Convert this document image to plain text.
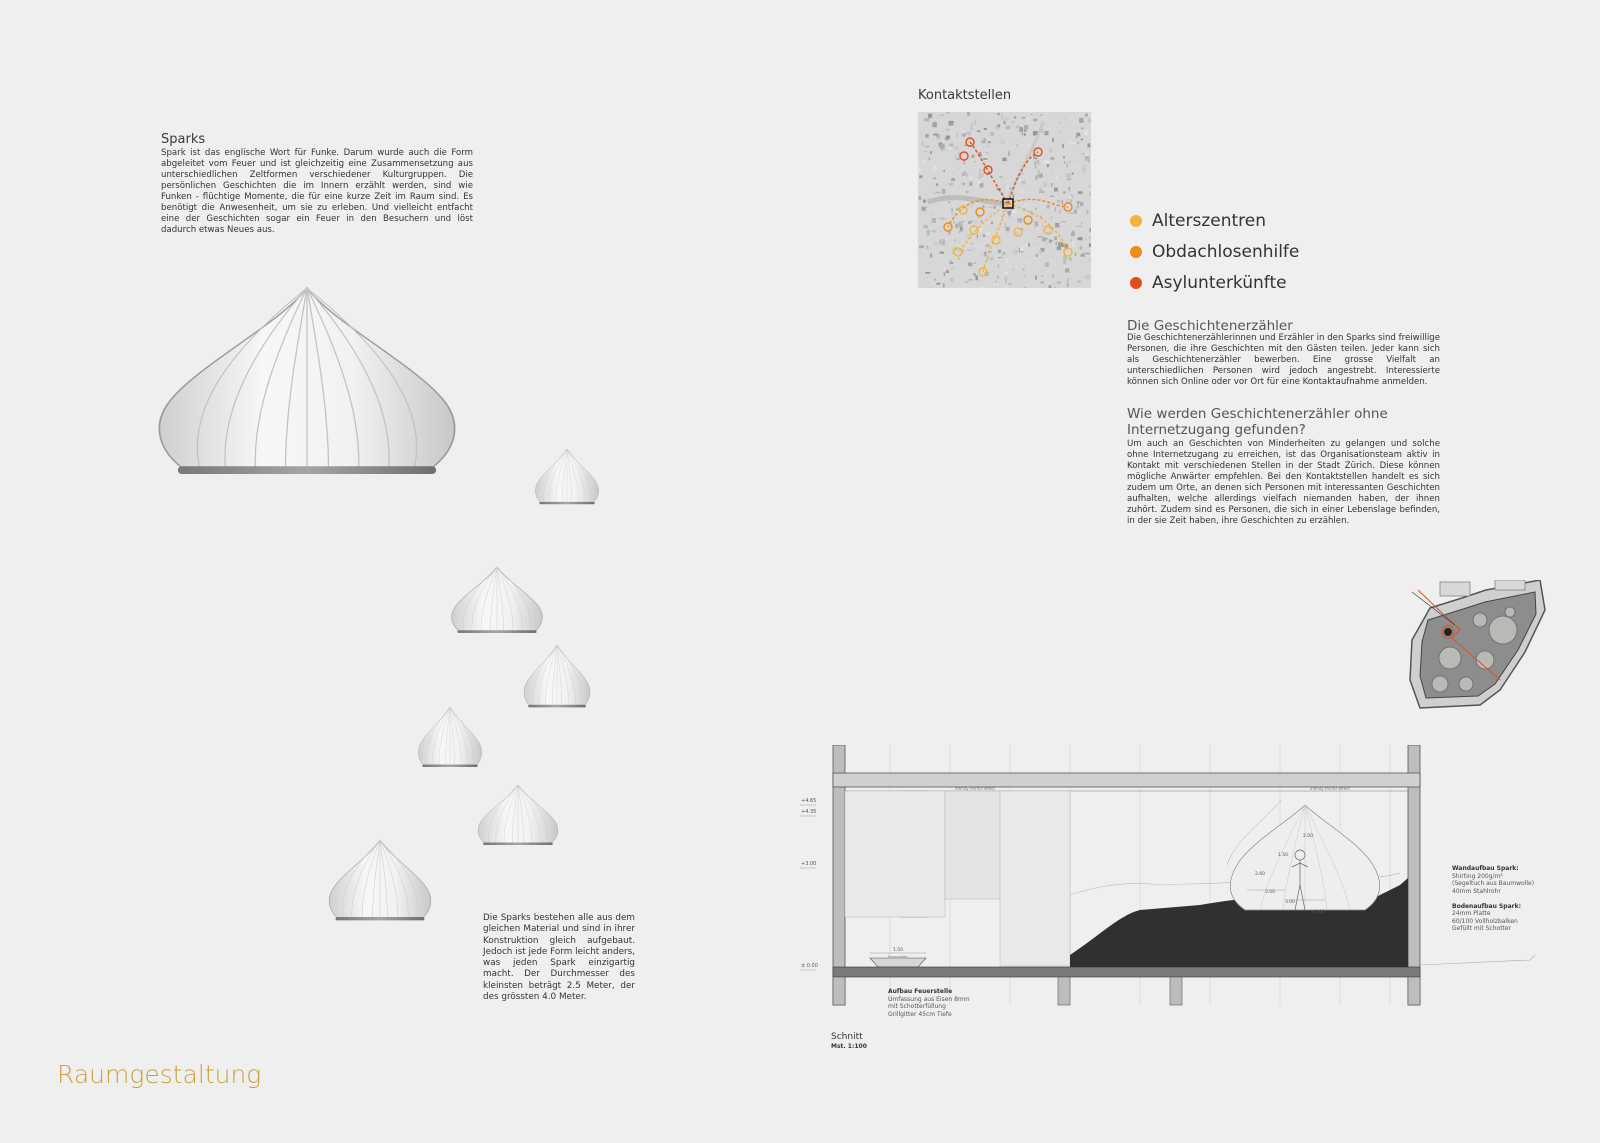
Sparks
Spark ist das englische Wort für Funke. Darum wurde auch die Form abgeleitet vom Feuer und ist gleichzeitig eine Zusammensetzung aus unterschiedlichen Zeltformen verschiedener Kulturgruppen. Die persönlichen Geschichten die im Innern erzählt werden, sind wie Funken - flüchtige Momente, die für eine kurze Zeit im Raum sind. Es benötigt die Anwesenheit, um sie zu erleben. Und vielleicht entfacht eine der Geschichten sogar ein Feuer in den Besuchern und löst dadurch etwas Neues aus.
Die Sparks bestehen alle aus dem gleichen Material und sind in ihrer Konstruktion gleich aufgebaut. Jedoch ist jede Form leicht anders, was jeden Spark einzigartig macht. Der Durchmesser des kleinsten beträgt 2.5 Meter, der des grössten 4.0 Meter.
Raumgestaltung
Kontaktstellen
Alterszentren
Obdachlosenhilfe
Asylunterkünfte
Die Geschichtenerzähler
Die Geschichtenerzählerinnen und Erzähler in den Sparks sind freiwillige Personen, die ihre Geschichten mit den Gästen teilen. Jeder kann sich als Geschichtenerzähler bewerben. Eine grosse Vielfalt an unterschiedlichen Personen wird jedoch angestrebt. Interessierte können sich Online oder vor Ort für eine Kontaktaufnahme anmelden.
Wie werden Geschichtenerzähler ohne Internetzugang gefunden?
Um auch an Geschichten von Minderheiten zu gelangen und solche ohne Internetzugang zu erreichen, ist das Organisationsteam aktiv in Kontakt mit verschiedenen Stellen in der Stadt Zürich. Diese können mögliche Anwärter empfehlen. Bei den Kontaktstellen handelt es sich zudem um Orte, an denen sich Personen mit interessanten Geschichten aufhalten, welche allerdings vielfach niemanden haben, der ihnen zuhört. Zudem sind es Personen, die sich in einer Lebenslage befinden, in der sie Zeit haben, ihre Geschichten zu erzählen.
+4.65
+4.35
+3.00
± 0.00
infinity mirror effect	infinity mirror effect
2.00
2.60
1.50
3.00
3.00
+1.00
1.50
Feuerstelle
Wandaufbau Spark:
Shirting 200g/m²
(Segeltuch aus Baumwolle)
40mm Stahlrohr

Bodenaufbau Spark:
24mm Platte
60/100 Vollholzbalken
Gefüllt mit Schotter
Aufbau Feuerstelle
Umfassung aus Eisen 8mm
mit Schotterfüllung
Grillgitter 45cm Tiefe
Schnitt
Mst. 1:100
